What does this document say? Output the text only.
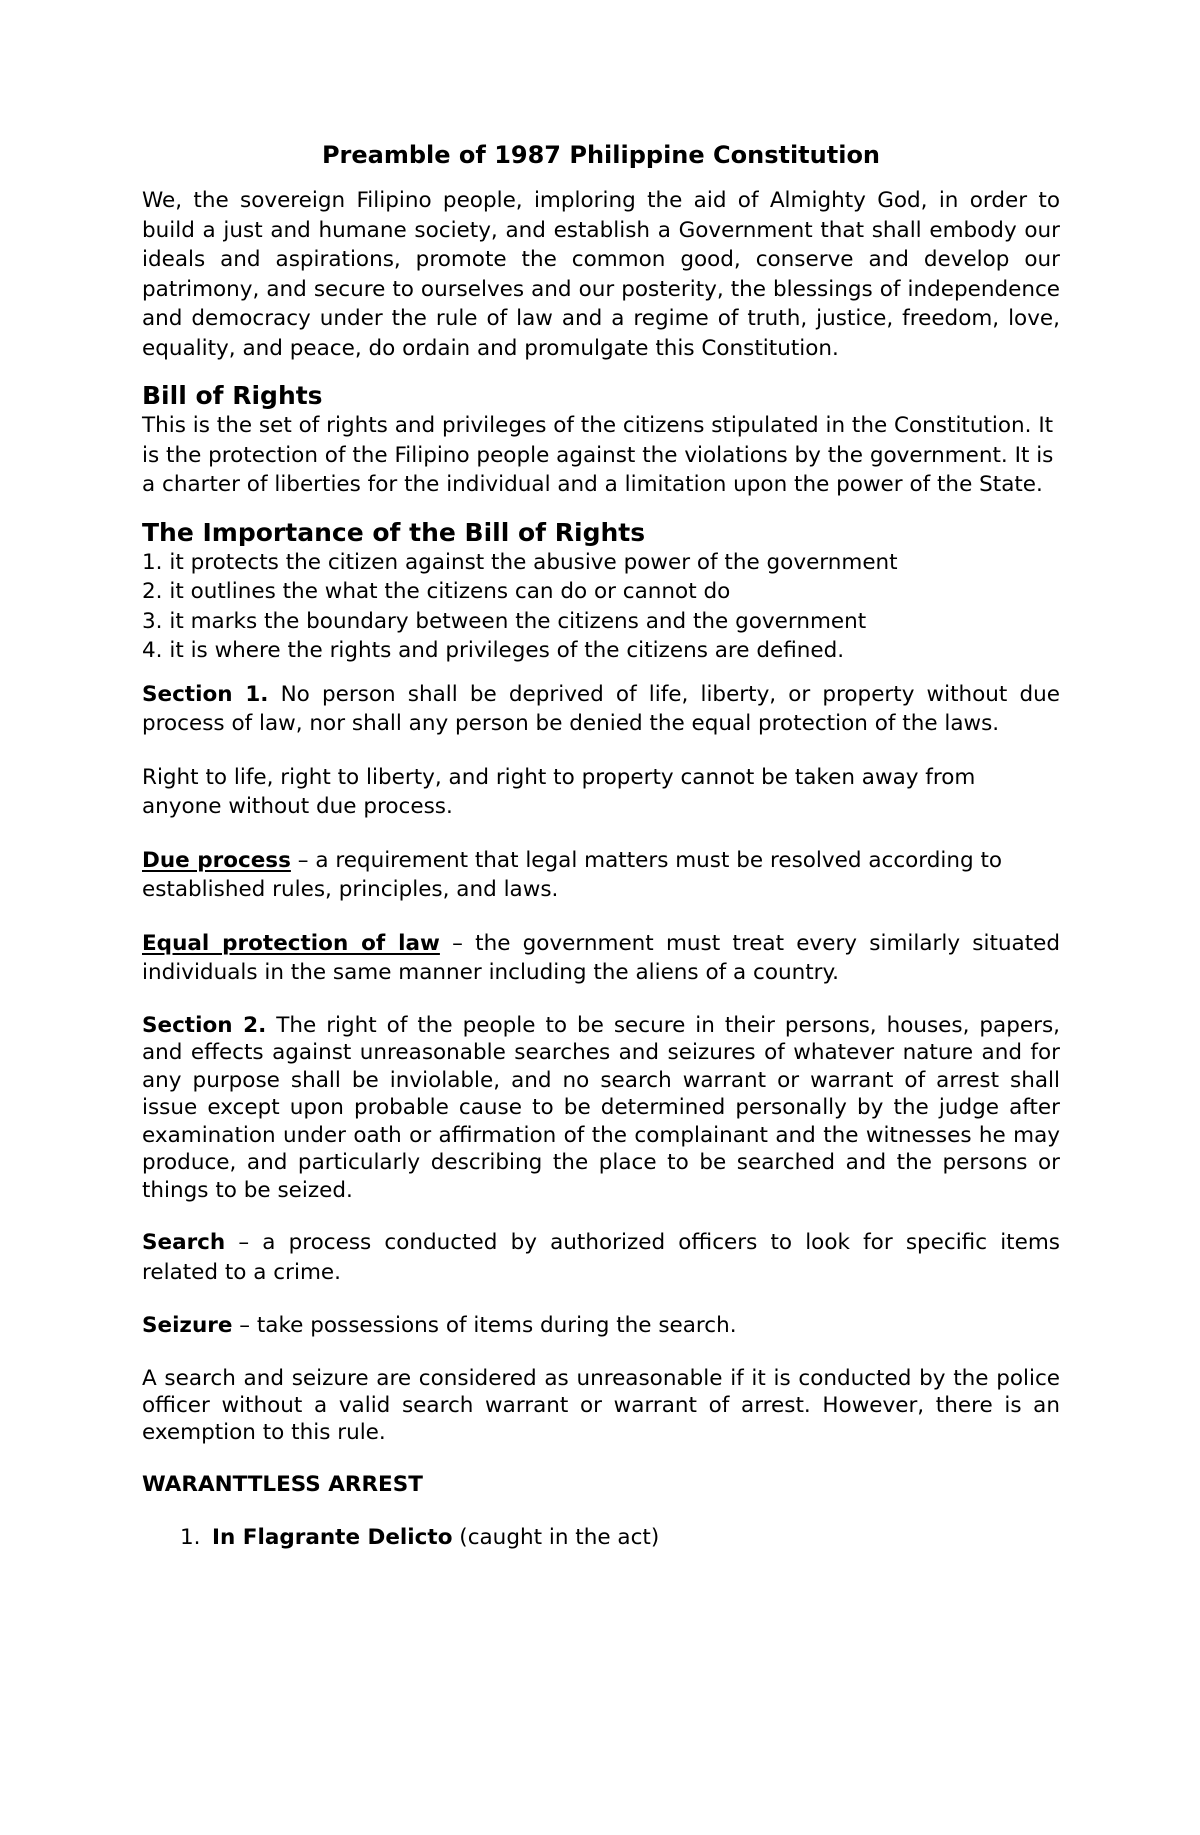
Preamble of 1987 Philippine Constitution

We, the sovereign Filipino people, imploring the aid of Almighty God, in order to build a just and humane society, and establish a Government that shall embody our ideals and aspirations, promote the common good, conserve and develop our patrimony, and secure to ourselves and our posterity, the blessings of independence and democracy under the rule of law and a regime of truth, justice, freedom, love, equality, and peace, do ordain and promulgate this Constitution.

Bill of Rights

This is the set of rights and privileges of the citizens stipulated in the Constitution. It is the protection of the Filipino people against the violations by the government. It is a charter of liberties for the individual and a limitation upon the power of the State.

The Importance of the Bill of Rights
1. it protects the citizen against the abusive power of the government
2. it outlines the what the citizens can do or cannot do
3. it marks the boundary between the citizens and the government
4. it is where the rights and privileges of the citizens are defined.

Section 1. No person shall be deprived of life, liberty, or property without due process of law, nor shall any person be denied the equal protection of the laws.

Right to life, right to liberty, and right to property cannot be taken away from anyone without due process.

Due process – a requirement that legal matters must be resolved according to established rules, principles, and laws.

Equal protection of law – the government must treat every similarly situated individuals in the same manner including the aliens of a country.

Section 2. The right of the people to be secure in their persons, houses, papers, and effects against unreasonable searches and seizures of whatever nature and for any purpose shall be inviolable, and no search warrant or warrant of arrest shall issue except upon probable cause to be determined personally by the judge after examination under oath or affirmation of the complainant and the witnesses he may produce, and particularly describing the place to be searched and the persons or things to be seized.

Search – a process conducted by authorized officers to look for specific items related to a crime.

Seizure – take possessions of items during the search.

A search and seizure are considered as unreasonable if it is conducted by the police officer without a valid search warrant or warrant of arrest. However, there is an exemption to this rule.

WARANTTLESS ARREST
1. In Flagrante Delicto (caught in the act)
